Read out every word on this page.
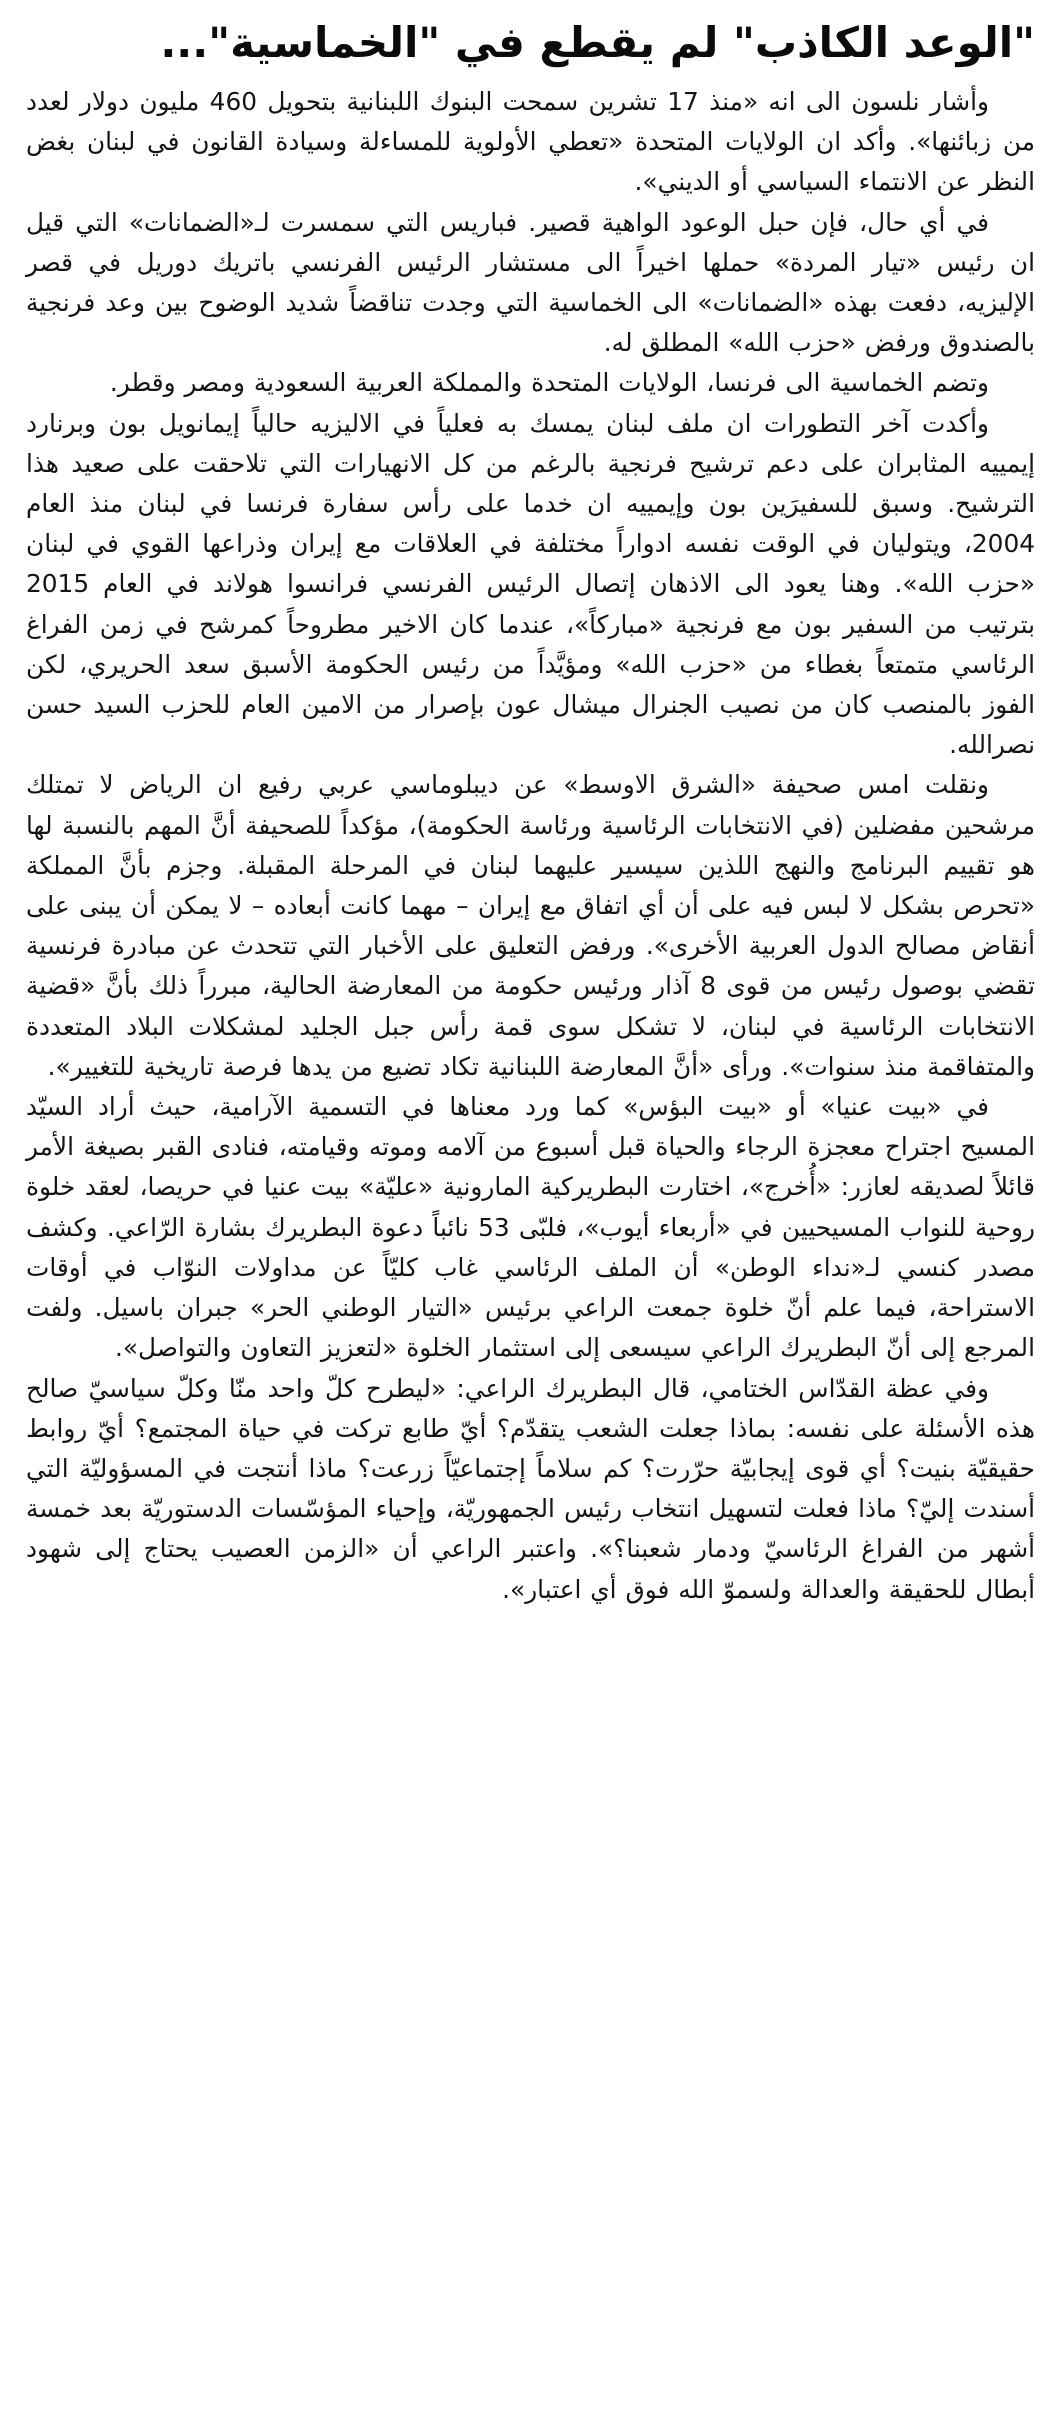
"الوعد الكاذب" لم يقطع في "الخماسية"...

وأشار نلسون الى انه «منذ 17 تشرين سمحت البنوك اللبنانية بتحويل 460 مليون دولار لعدد من زبائنها». وأكد ان الولايات المتحدة «تعطي الأولوية للمساءلة وسيادة القانون في لبنان بغض النظر عن الانتماء السياسي أو الديني».

في أي حال، فإن حبل الوعود الواهية قصير. فباريس التي سمسرت لـ«الضمانات» التي قيل ان رئيس «تيار المردة» حملها اخيراً الى مستشار الرئيس الفرنسي باتريك دوريل في قصر الإليزيه، دفعت بهذه «الضمانات» الى الخماسية التي وجدت تناقضاً شديد الوضوح بين وعد فرنجية بالصندوق ورفض «حزب الله» المطلق له.

وتضم الخماسية الى فرنسا، الولايات المتحدة والمملكة العربية السعودية ومصر وقطر.

وأكدت آخر التطورات ان ملف لبنان يمسك به فعلياً في الاليزيه حالياً إيمانويل بون وبرنارد إيمييه المثابران على دعم ترشيح فرنجية بالرغم من كل الانهيارات التي تلاحقت على صعيد هذا الترشيح. وسبق للسفيرَين بون وإيمييه ان خدما على رأس سفارة فرنسا في لبنان منذ العام 2004، ويتوليان في الوقت نفسه ادواراً مختلفة في العلاقات مع إيران وذراعها القوي في لبنان «حزب الله». وهنا يعود الى الاذهان إتصال الرئيس الفرنسي فرانسوا هولاند في العام 2015 بترتيب من السفير بون مع فرنجية «مباركاً»، عندما كان الاخير مطروحاً كمرشح في زمن الفراغ الرئاسي متمتعاً بغطاء من «حزب الله» ومؤيَّداً من رئيس الحكومة الأسبق سعد الحريري، لكن الفوز بالمنصب كان من نصيب الجنرال ميشال عون بإصرار من الامين العام للحزب السيد حسن نصرالله.

ونقلت امس صحيفة «الشرق الاوسط» عن ديبلوماسي عربي رفيع ان الرياض لا تمتلك مرشحين مفضلين (في الانتخابات الرئاسية ورئاسة الحكومة)، مؤكداً للصحيفة أنَّ المهم بالنسبة لها هو تقييم البرنامج والنهج اللذين سيسير عليهما لبنان في المرحلة المقبلة. وجزم بأنَّ المملكة «تحرص بشكل لا لبس فيه على أن أي اتفاق مع إيران – مهما كانت أبعاده – لا يمكن أن يبنى على أنقاض مصالح الدول العربية الأخرى». ورفض التعليق على الأخبار التي تتحدث عن مبادرة فرنسية تقضي بوصول رئيس من قوى 8 آذار ورئيس حكومة من المعارضة الحالية، مبرراً ذلك بأنَّ «قضية الانتخابات الرئاسية في لبنان، لا تشكل سوى قمة رأس جبل الجليد لمشكلات البلاد المتعددة والمتفاقمة منذ سنوات». ورأى «أنَّ المعارضة اللبنانية تكاد تضيع من يدها فرصة تاريخية للتغيير».

في «بيت عنيا» أو «بيت البؤس» كما ورد معناها في التسمية الآرامية، حيث أراد السيّد المسيح اجتراح معجزة الرجاء والحياة قبل أسبوع من آلامه وموته وقيامته، فنادى القبر بصيغة الأمر قائلاً لصديقه لعازر: «أُخرج»، اختارت البطريركية المارونية «عليّة» بيت عنيا في حريصا، لعقد خلوة روحية للنواب المسيحيين في «أربعاء أيوب»، فلبّى 53 نائباً دعوة البطريرك بشارة الرّاعي. وكشف مصدر كنسي لـ«نداء الوطن» أن الملف الرئاسي غاب كليّاً عن مداولات النوّاب في أوقات الاستراحة، فيما علم أنّ خلوة جمعت الراعي برئيس «التيار الوطني الحر» جبران باسيل. ولفت المرجع إلى أنّ البطريرك الراعي سيسعى إلى استثمار الخلوة «لتعزيز التعاون والتواصل».

وفي عظة القدّاس الختامي، قال البطريرك الراعي: «ليطرح كلّ واحد منّا وكلّ سياسيّ صالح هذه الأسئلة على نفسه: بماذا جعلت الشعب يتقدّم؟ أيّ طابع تركت في حياة المجتمع؟ أيّ روابط حقيقيّة بنيت؟ أي قوى إيجابيّة حرّرت؟ كم سلاماً إجتماعيّاً زرعت؟ ماذا أنتجت في المسؤوليّة التي أسندت إليّ؟ ماذا فعلت لتسهيل انتخاب رئيس الجمهوريّة، وإحياء المؤسّسات الدستوريّة بعد خمسة أشهر من الفراغ الرئاسيّ ودمار شعبنا؟». واعتبر الراعي أن «الزمن العصيب يحتاج إلى شهود أبطال للحقيقة والعدالة ولسموّ الله فوق أي اعتبار».
